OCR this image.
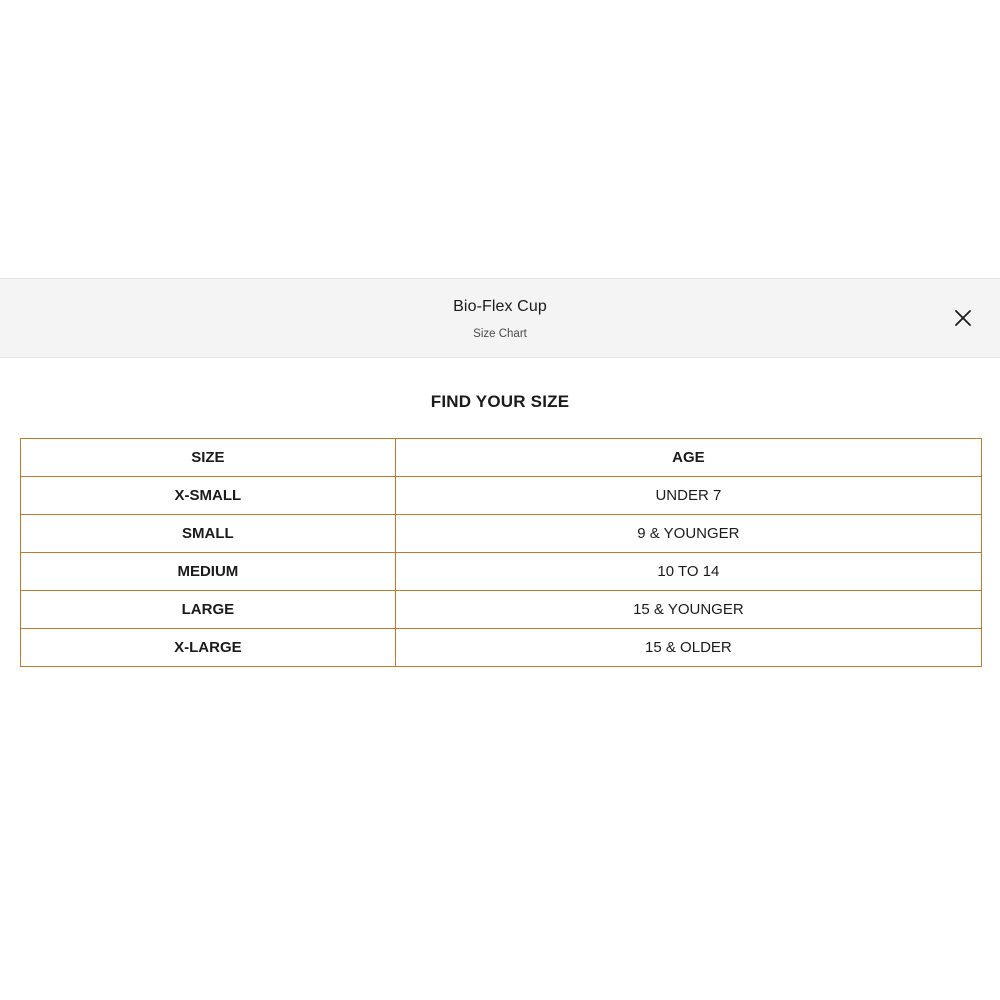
Bio-Flex Cup
Size Chart
FIND YOUR SIZE
SIZE	AGE
X-SMALL	UNDER 7
SMALL	9 & YOUNGER
MEDIUM	10 TO 14
LARGE	15 & YOUNGER
X-LARGE	15 & OLDER
